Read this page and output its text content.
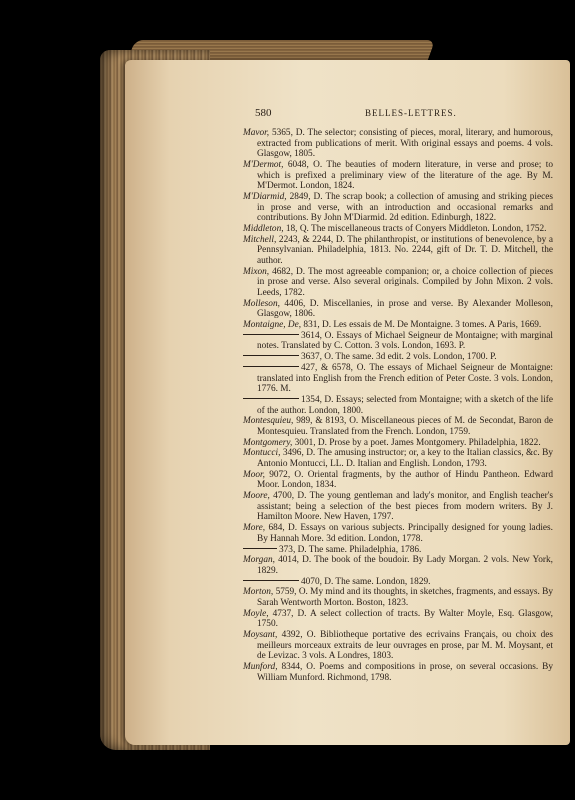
580	BELLES-LETTRES.
Mavor, 5365, D. The selector; consisting of pieces, moral, literary, and humorous, extracted from publications of merit. With original essays and poems. 4 vols. Glasgow, 1805.
M'Dermot, 6048, O. The beauties of modern literature, in verse and prose; to which is prefixed a preliminary view of the literature of the age. By M. M'Dermot. London, 1824.
M'Diarmid, 2849, D. The scrap book; a collection of amusing and striking pieces in prose and verse, with an introduction and occasional remarks and contributions. By John M'Diarmid. 2d edition. Edinburgh, 1822.
Middleton, 18, Q. The miscellaneous tracts of Conyers Middleton. London, 1752.
Mitchell, 2243, & 2244, D. The philanthropist, or institutions of benevolence, by a Pennsylvanian. Philadelphia, 1813. No. 2244, gift of Dr. T. D. Mitchell, the author.
Mixon, 4682, D. The most agreeable companion; or, a choice collection of pieces in prose and verse. Also several originals. Compiled by John Mixon. 2 vols. Leeds, 1782.
Molleson, 4406, D. Miscellanies, in prose and verse. By Alexander Molleson, Glasgow, 1806.
Montaigne, De, 831, D. Les essais de M. De Montaigne. 3 tomes. A Paris, 1669.
3614, O. Essays of Michael Seigneur de Montaigne; with marginal notes. Translated by C. Cotton. 3 vols. London, 1693. P.
3637, O. The same. 3d edit. 2 vols. London, 1700. P.
427, & 6578, O. The essays of Michael Seigneur de Montaigne: translated into English from the French edition of Peter Coste. 3 vols. London, 1776. M.
1354, D. Essays; selected from Montaigne; with a sketch of the life of the author. London, 1800.
Montesquieu, 989, & 8193, O. Miscellaneous pieces of M. de Secondat, Baron de Montesquieu. Translated from the French. London, 1759.
Montgomery, 3001, D. Prose by a poet. James Montgomery. Philadelphia, 1822.
Montucci, 3496, D. The amusing instructor; or, a key to the Italian classics, &c. By Antonio Montucci, LL. D. Italian and English. London, 1793.
Moor, 9072, O. Oriental fragments, by the author of Hindu Pantheon. Edward Moor. London, 1834.
Moore, 4700, D. The young gentleman and lady's monitor, and English teacher's assistant; being a selection of the best pieces from modern writers. By J. Hamilton Moore. New Haven, 1797.
More, 684, D. Essays on various subjects. Principally designed for young ladies. By Hannah More. 3d edition. London, 1778.
373, D. The same. Philadelphia, 1786.
Morgan, 4014, D. The book of the boudoir. By Lady Morgan. 2 vols. New York, 1829.
4070, D. The same. London, 1829.
Morton, 5759, O. My mind and its thoughts, in sketches, fragments, and essays. By Sarah Wentworth Morton. Boston, 1823.
Moyle, 4737, D. A select collection of tracts. By Walter Moyle, Esq. Glasgow, 1750.
Moysant, 4392, O. Bibliotheque portative des ecrivains Français, ou choix des meilleurs morceaux extraits de leur ouvrages en prose, par M. M. Moysant, et de Levizac. 3 vols. A Londres, 1803.
Munford, 8344, O. Poems and compositions in prose, on several occasions. By William Munford. Richmond, 1798.
